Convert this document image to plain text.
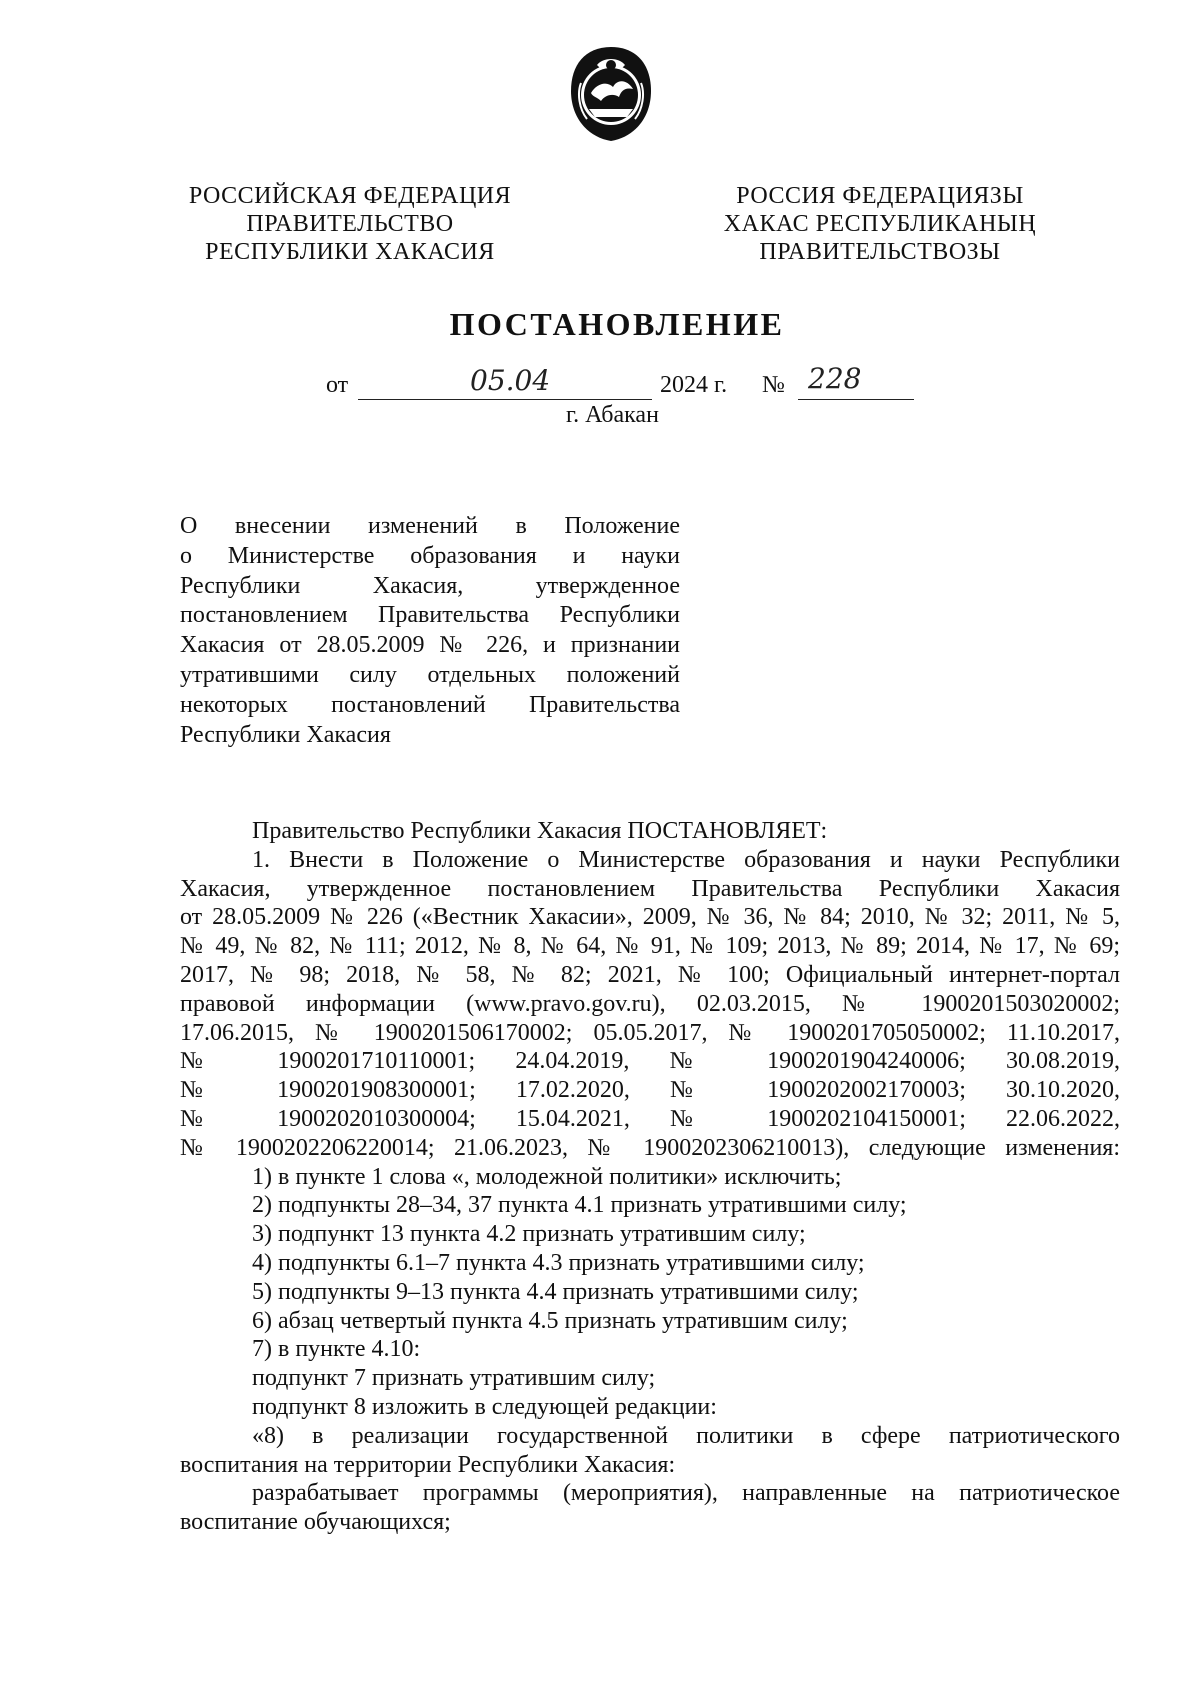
РОССИЙСКАЯ ФЕДЕРАЦИЯ
ПРАВИТЕЛЬСТВО
РЕСПУБЛИКИ ХАКАСИЯ
РОССИЯ ФЕДЕРАЦИЯЗЫ
ХАКАС РЕСПУБЛИКАНЫҢ
ПРАВИТЕЛЬСТВОЗЫ
ПОСТАНОВЛЕНИЕ
от	05.04	2024 г. № 228
г. Абакан
О внесении изменений в Положение
о Министерстве образования и науки
Республики Хакасия, утвержденное
постановлением Правительства Республики
Хакасия от 28.05.2009 № 226, и признании
утратившими силу отдельных положений
некоторых постановлений Правительства
Республики Хакасия
Правительство Республики Хакасия ПОСТАНОВЛЯЕТ:
1. Внести в Положение о Министерстве образования и науки Республики
Хакасия, утвержденное постановлением Правительства Республики Хакасия
от 28.05.2009 № 226 («Вестник Хакасии», 2009, № 36, № 84; 2010, № 32; 2011, № 5,
№ 49, № 82, № 111; 2012, № 8, № 64, № 91, № 109; 2013, № 89; 2014, № 17, № 69;
2017, № 98; 2018, № 58, № 82; 2021, № 100; Официальный интернет-портал
правовой информации (www.pravo.gov.ru), 02.03.2015, № 1900201503020002;
17.06.2015, № 1900201506170002; 05.05.2017, № 1900201705050002; 11.10.2017,
№ 1900201710110001; 24.04.2019, № 1900201904240006; 30.08.2019,
№ 1900201908300001; 17.02.2020, № 1900202002170003; 30.10.2020,
№ 1900202010300004; 15.04.2021, № 1900202104150001; 22.06.2022,
№ 1900202206220014; 21.06.2023, № 1900202306210013), следующие изменения:
1) в пункте 1 слова «, молодежной политики» исключить;
2) подпункты 28–34, 37 пункта 4.1 признать утратившими силу;
3) подпункт 13 пункта 4.2 признать утратившим силу;
4) подпункты 6.1–7 пункта 4.3 признать утратившими силу;
5) подпункты 9–13 пункта 4.4 признать утратившими силу;
6) абзац четвертый пункта 4.5 признать утратившим силу;
7) в пункте 4.10:
подпункт 7 признать утратившим силу;
подпункт 8 изложить в следующей редакции:
«8) в реализации государственной политики в сфере патриотического
воспитания на территории Республики Хакасия:
разрабатывает программы (мероприятия), направленные на патриотическое
воспитание обучающихся;
